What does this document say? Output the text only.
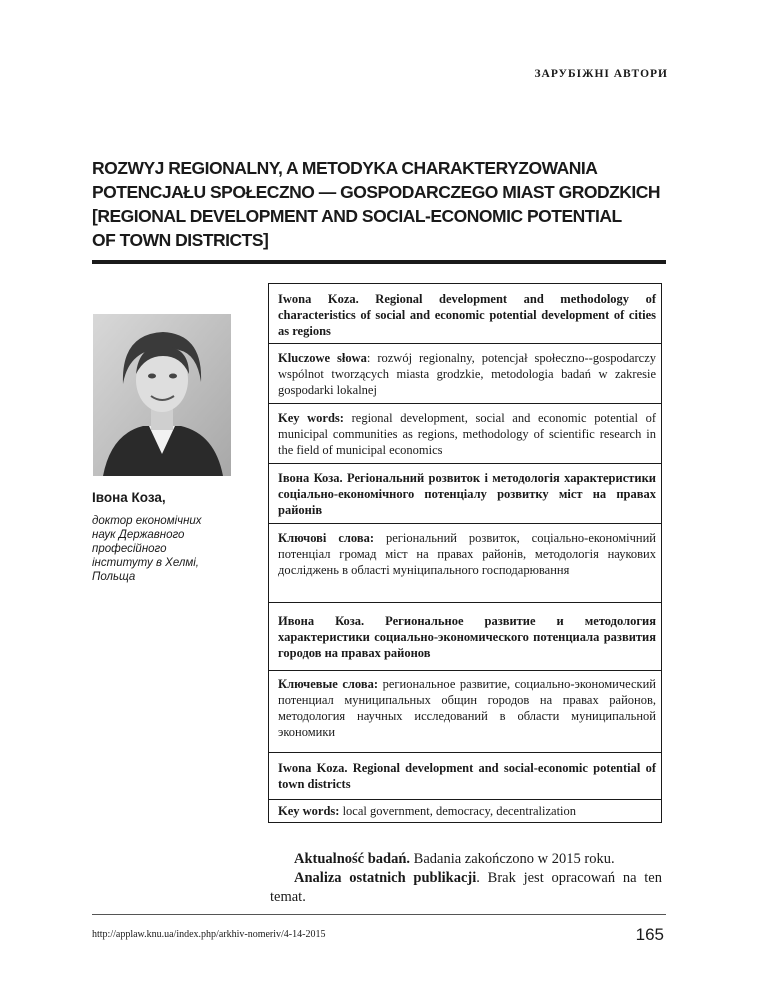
ЗАРУБІЖНІ АВТОРИ
ROZWYJ REGIONALNY, A METODYKA CHARAKTERYZOWANIA
POTENCJAŁU SPOŁECZNO — GOSPODARCZEGO MIAST GRODZKICH
[REGIONAL DEVELOPMENT AND SOCIAL-ECONOMIC POTENTIAL
OF TOWN DISTRICTS]
Івона Коза,
доктор економічних
наук Державного
професійного
інституту в Хелмі,
Польща

Iwona Koza. Regional development and methodology of characteristics of social and economic potential development of cities as regions

Kluczowe słowa: rozwój regionalny, potencjał społeczno--gospodarczy wspólnot tworzących miasta grodzkie, metodologia badań w zakresie gospodarki lokalnej

Key words: regional development, social and economic potential of municipal communities as regions, methodology of scientific research in the field of municipal economics

Івона Коза. Регіональний розвиток і методологія характеристики соціально-економічного потенціалу розвитку міст на правах районів

Ключові слова: регіональний розвиток, соціально-економічний потенціал громад міст на правах районів, методологія наукових досліджень в області муніципального господарювання

Ивона Коза. Региональное развитие и методология характеристики социально-экономического потенциала развития городов на правах районов

Ключевые слова: региональное развитие, социально-экономический потенциал муниципальных общин городов на правах районов, методология научных исследований в области муниципальной экономики

Iwona Koza. Regional development and social-economic potential of town districts

Key words: local government, democracy, decentralization

Aktualność badań. Badania zakończono w 2015 roku.

Analiza ostatnich publikacji. Brak jest opracowań na ten temat.

http://applaw.knu.ua/index.php/arkhiv-nomeriv/4-14-2015	165
